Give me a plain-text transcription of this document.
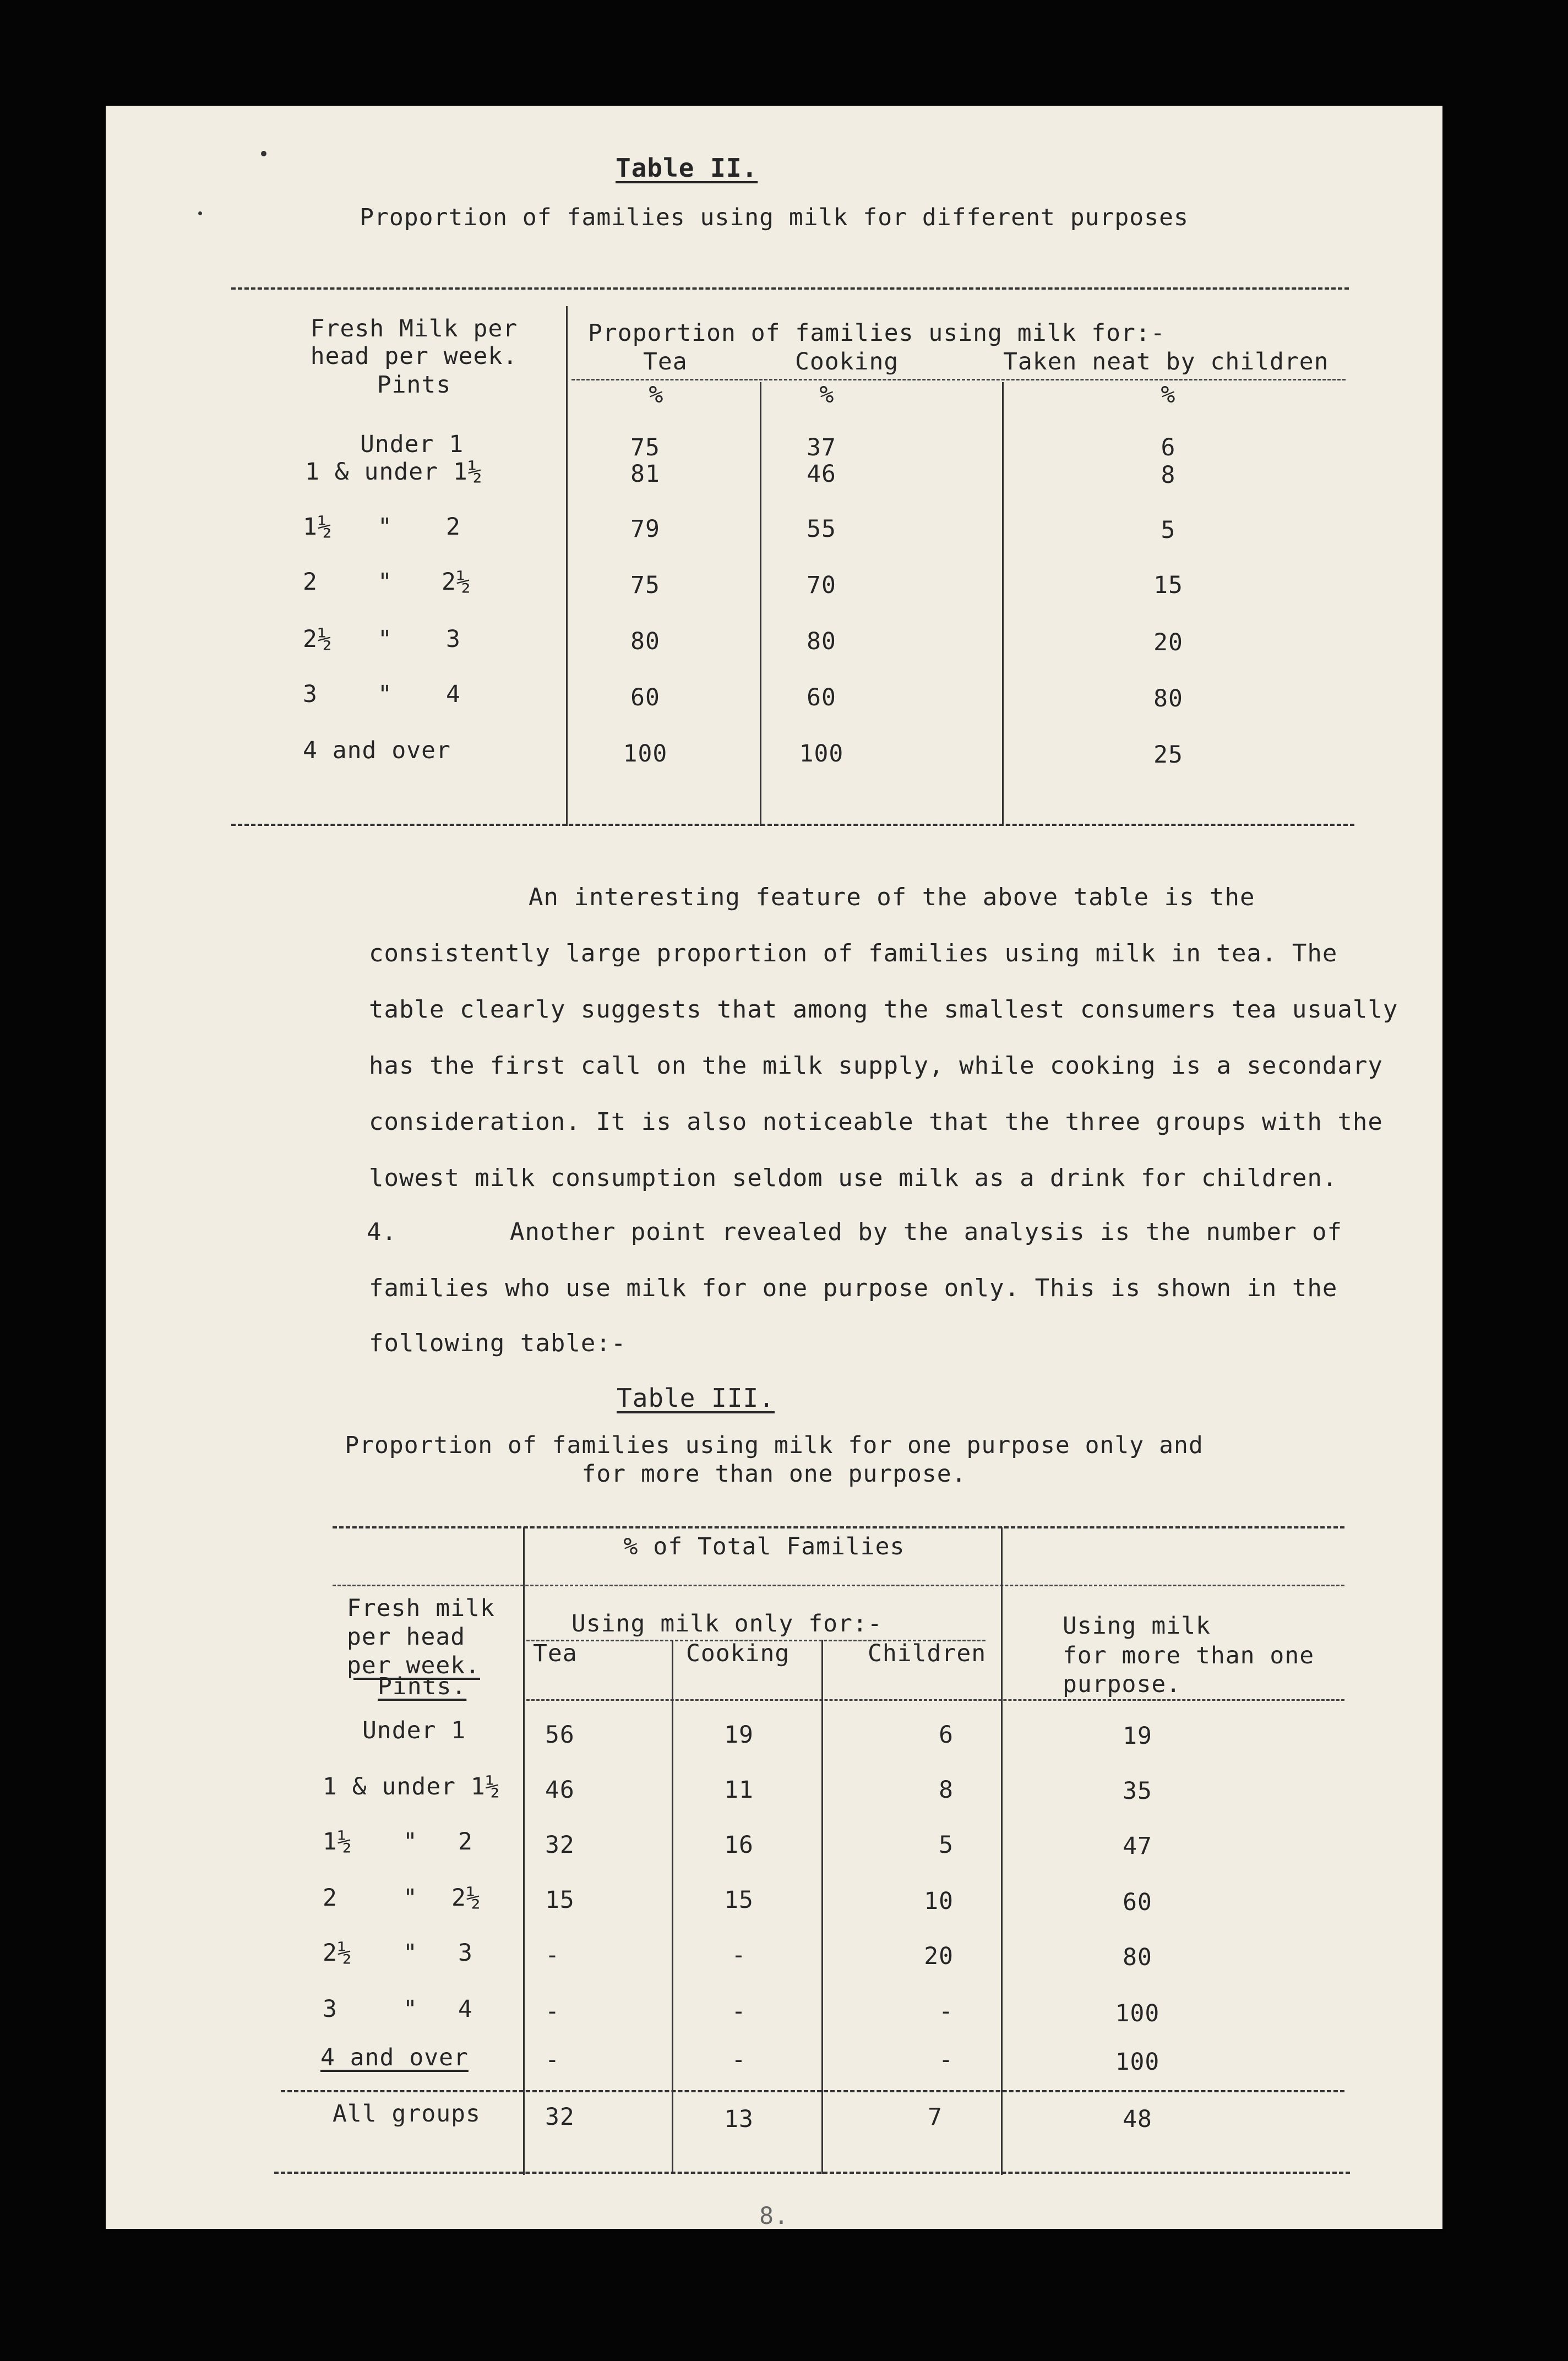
Table II.
Proportion of families using milk for different purposes
Fresh Milk per
head per week.
Pints
Proportion of families using milk for:-
Tea	Cooking	Taken neat by children
%	%	%
Under 1	75	37	6
1 & under 1½	81	46	8
1½ " 2	79	55	5
2	" 2½	75	70	15
2½ " 3	80	80	20
3	" 4	60	60	80
4 and over	100	100	25
An interesting feature of the above table is the
consistently large proportion of families using milk in tea. The
table clearly suggests that among the smallest consumers tea usually
has the first call on the milk supply, while cooking is a secondary
consideration. It is also noticeable that the three groups with the
lowest milk consumption seldom use milk as a drink for children.
4.	Another point revealed by the analysis is the number of
families who use milk for one purpose only. This is shown in the
following table:-
Table III.
Proportion of families using milk for one purpose only and
for more than one purpose.
% of Total Families
Fresh milk
per head
per week.
Pints.
Using milk only for:-
Tea	Cooking	Children
Using milk
for more than one
purpose.
Under 1	56	19	6	19
1 & under 1½ 46	11	8	35
1½ " 2	32	16	5	47
2	" 2½	15	15	10	60
2½ " 3	-	-	20	80
3	" 4	-	-	-	100
4 and over	-	-	-	100
All groups	32	13	7	48
8.
